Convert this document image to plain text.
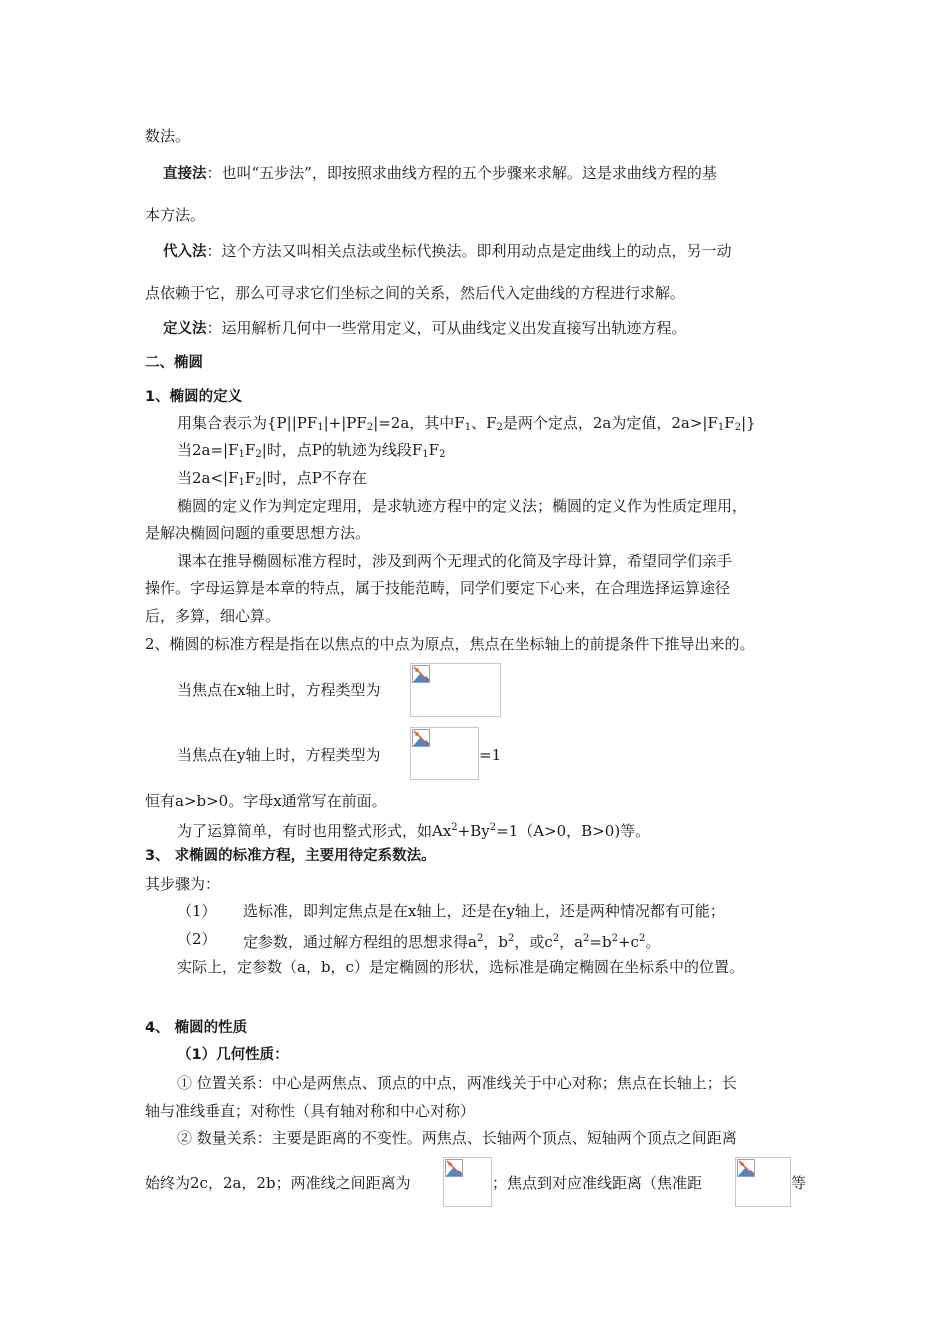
数法。
直接法：也叫“五步法”，即按照求曲线方程的五个步骤来求解。这是求曲线方程的基
本方法。
代入法：这个方法又叫相关点法或坐标代换法。即利用动点是定曲线上的动点，另一动
点依赖于它，那么可寻求它们坐标之间的关系，然后代入定曲线的方程进行求解。
定义法：运用解析几何中一些常用定义，可从曲线定义出发直接写出轨迹方程。
二、椭圆
1、椭圆的定义
用集合表示为{$P||PF_1|+|PF_2|=2a$，其中$F_1$、$F_2$是两个定点，2a为定值，$2a>|F_1F_2|$}
当$2a=|F_1F_2|$时，点P的轨迹为线段$F_1F_2$
当$2a<|F_1F_2|$时，点P不存在
椭圆的定义作为判定定理用，是求轨迹方程中的定义法；椭圆的定义作为性质定理用，
是解决椭圆问题的重要思想方法。
课本在推导椭圆标准方程时，涉及到两个无理式的化简及字母计算，希望同学们亲手
操作。字母运算是本章的特点，属于技能范畴，同学们要定下心来，在合理选择运算途径
后，多算，细心算。
2、椭圆的标准方程是指在以焦点的中点为原点，焦点在坐标轴上的前提条件下推导出来的。
当焦点在x轴上时，方程类型为
当焦点在y轴上时，方程类型为	=1
恒有a>b>0。字母x通常写在前面。
为了运算简单，有时也用整式形式，如$Ax^2+By^2=1(A>0$，B>0)等。
3、 求椭圆的标准方程，主要用待定系数法。
其步骤为：
（1） 选标准，即判定焦点是在x轴上，还是在y轴上，还是两种情况都有可能；
（2） 定参数，通过解方程组的思想求得$a^2$，$b^2$，或$c^2$，$a^2=b^2+c^2$。
实际上，定参数（a，b，c）是定椭圆的形状，选标准是确定椭圆在坐标系中的位置。
4、 椭圆的性质
（1）几何性质：
① 位置关系：中心是两焦点、顶点的中点，两准线关于中心对称；焦点在长轴上；长
轴与准线垂直；对称性（具有轴对称和中心对称）
② 数量关系：主要是距离的不变性。两焦点、长轴两个顶点、短轴两个顶点之间距离
始终为2c，2a，2b；两准线之间距离为	；焦点到对应准线距离（焦准距	等
